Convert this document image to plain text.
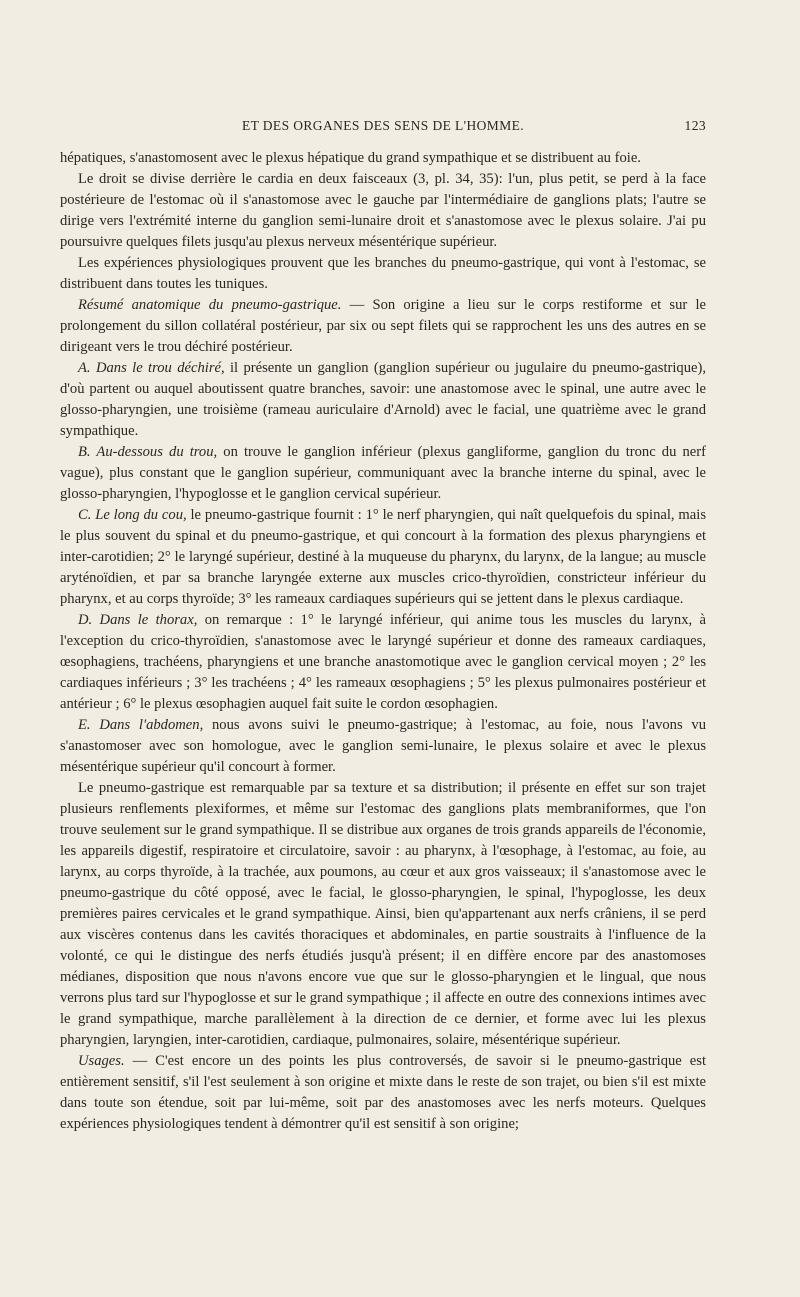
ET DES ORGANES DES SENS DE L'HOMME.	123

hépatiques, s'anastomosent avec le plexus hépatique du grand sympathique et se distribuent au foie.

Le droit se divise derrière le cardia en deux faisceaux (3, pl. 34, 35): l'un, plus petit, se perd à la face postérieure de l'estomac où il s'anastomose avec le gauche par l'intermédiaire de ganglions plats; l'autre se dirige vers l'extrémité interne du ganglion semi-lunaire droit et s'anastomose avec le plexus solaire. J'ai pu poursuivre quelques filets jusqu'au plexus nerveux mésentérique supérieur.

Les expériences physiologiques prouvent que les branches du pneumo-gastrique, qui vont à l'estomac, se distribuent dans toutes les tuniques.

Résumé anatomique du pneumo-gastrique. — Son origine a lieu sur le corps restiforme et sur le prolongement du sillon collatéral postérieur, par six ou sept filets qui se rapprochent les uns des autres en se dirigeant vers le trou déchiré postérieur.

A. Dans le trou déchiré, il présente un ganglion (ganglion supérieur ou jugulaire du pneumo-gastrique), d'où partent ou auquel aboutissent quatre branches, savoir: une anastomose avec le spinal, une autre avec le glosso-pharyngien, une troisième (rameau auriculaire d'Arnold) avec le facial, une quatrième avec le grand sympathique.

B. Au-dessous du trou, on trouve le ganglion inférieur (plexus gangliforme, ganglion du tronc du nerf vague), plus constant que le ganglion supérieur, communiquant avec la branche interne du spinal, avec le glosso-pharyngien, l'hypoglosse et le ganglion cervical supérieur.

C. Le long du cou, le pneumo-gastrique fournit : 1° le nerf pharyngien, qui naît quelquefois du spinal, mais le plus souvent du spinal et du pneumo-gastrique, et qui concourt à la formation des plexus pharyngiens et inter-carotidien; 2° le laryngé supérieur, destiné à la muqueuse du pharynx, du larynx, de la langue; au muscle aryténoïdien, et par sa branche laryngée externe aux muscles crico-thyroïdien, constricteur inférieur du pharynx, et au corps thyroïde; 3° les rameaux cardiaques supérieurs qui se jettent dans le plexus cardiaque.

D. Dans le thorax, on remarque : 1° le laryngé inférieur, qui anime tous les muscles du larynx, à l'exception du crico-thyroïdien, s'anastomose avec le laryngé supérieur et donne des rameaux cardiaques, œsophagiens, trachéens, pharyngiens et une branche anastomotique avec le ganglion cervical moyen ; 2° les cardiaques inférieurs ; 3° les trachéens ; 4° les rameaux œsophagiens ; 5° les plexus pulmonaires postérieur et antérieur ; 6° le plexus œsophagien auquel fait suite le cordon œsophagien.

E. Dans l'abdomen, nous avons suivi le pneumo-gastrique; à l'estomac, au foie, nous l'avons vu s'anastomoser avec son homologue, avec le ganglion semi-lunaire, le plexus solaire et avec le plexus mésentérique supérieur qu'il concourt à former.

Le pneumo-gastrique est remarquable par sa texture et sa distribution; il présente en effet sur son trajet plusieurs renflements plexiformes, et même sur l'estomac des ganglions plats membraniformes, que l'on trouve seulement sur le grand sympathique. Il se distribue aux organes de trois grands appareils de l'économie, les appareils digestif, respiratoire et circulatoire, savoir : au pharynx, à l'œsophage, à l'estomac, au foie, au larynx, au corps thyroïde, à la trachée, aux poumons, au cœur et aux gros vaisseaux; il s'anastomose avec le pneumo-gastrique du côté opposé, avec le facial, le glosso-pharyngien, le spinal, l'hypoglosse, les deux premières paires cervicales et le grand sympathique. Ainsi, bien qu'appartenant aux nerfs crâniens, il se perd aux viscères contenus dans les cavités thoraciques et abdominales, en partie soustraits à l'influence de la volonté, ce qui le distingue des nerfs étudiés jusqu'à présent; il en diffère encore par des anastomoses médianes, disposition que nous n'avons encore vue que sur le glosso-pharyngien et le lingual, que nous verrons plus tard sur l'hypoglosse et sur le grand sympathique ; il affecte en outre des connexions intimes avec le grand sympathique, marche parallèlement à la direction de ce dernier, et forme avec lui les plexus pharyngien, laryngien, inter-carotidien, cardiaque, pulmonaires, solaire, mésentérique supérieur.

Usages. — C'est encore un des points les plus controversés, de savoir si le pneumo-gastrique est entièrement sensitif, s'il l'est seulement à son origine et mixte dans le reste de son trajet, ou bien s'il est mixte dans toute son étendue, soit par lui-même, soit par des anastomoses avec les nerfs moteurs. Quelques expériences physiologiques tendent à démontrer qu'il est sensitif à son origine;
